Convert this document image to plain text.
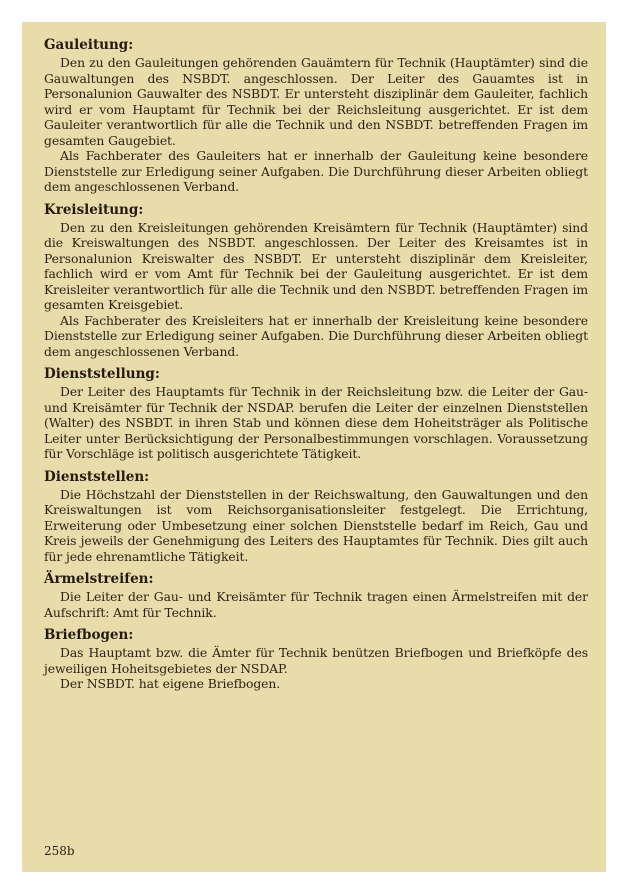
Gauleitung:

Den zu den Gauleitungen gehörenden Gauämtern für Technik (Hauptämter) sind die Gauwaltungen des NSBDT. angeschlossen. Der Leiter des Gauamtes ist in Personalunion Gauwalter des NSBDT. Er untersteht disziplinär dem Gauleiter, fachlich wird er vom Hauptamt für Technik bei der Reichsleitung ausgerichtet. Er ist dem Gauleiter verantwortlich für alle die Technik und den NSBDT. betreffenden Fragen im gesamten Gaugebiet.

Als Fachberater des Gauleiters hat er innerhalb der Gauleitung keine besondere Dienststelle zur Erledigung seiner Aufgaben. Die Durchführung dieser Arbeiten obliegt dem angeschlossenen Verband.

Kreisleitung:

Den zu den Kreisleitungen gehörenden Kreisämtern für Technik (Hauptämter) sind die Kreiswaltungen des NSBDT. angeschlossen. Der Leiter des Kreisamtes ist in Personalunion Kreiswalter des NSBDT. Er untersteht disziplinär dem Kreisleiter, fachlich wird er vom Amt für Technik bei der Gauleitung ausgerichtet. Er ist dem Kreisleiter verantwortlich für alle die Technik und den NSBDT. betreffenden Fragen im gesamten Kreisgebiet.

Als Fachberater des Kreisleiters hat er innerhalb der Kreisleitung keine besondere Dienststelle zur Erledigung seiner Aufgaben. Die Durchführung dieser Arbeiten obliegt dem angeschlossenen Verband.

Dienststellung:

Der Leiter des Hauptamts für Technik in der Reichsleitung bzw. die Leiter der Gau- und Kreisämter für Technik der NSDAP. berufen die Leiter der einzelnen Dienststellen (Walter) des NSBDT. in ihren Stab und können diese dem Hoheitsträger als Politische Leiter unter Berücksichtigung der Personalbestimmungen vorschlagen. Voraussetzung für Vorschläge ist politisch ausgerichtete Tätigkeit.

Dienststellen:

Die Höchstzahl der Dienststellen in der Reichswaltung, den Gauwaltungen und den Kreiswaltungen ist vom Reichsorganisationsleiter festgelegt. Die Errichtung, Erweiterung oder Umbesetzung einer solchen Dienststelle bedarf im Reich, Gau und Kreis jeweils der Genehmigung des Leiters des Hauptamtes für Technik. Dies gilt auch für jede ehrenamtliche Tätigkeit.

Ärmelstreifen:

Die Leiter der Gau- und Kreisämter für Technik tragen einen Ärmelstreifen mit der Aufschrift: Amt für Technik.

Briefbogen:

Das Hauptamt bzw. die Ämter für Technik benützen Briefbogen und Briefköpfe des jeweiligen Hoheitsgebietes der NSDAP.

Der NSBDT. hat eigene Briefbogen.

258b
